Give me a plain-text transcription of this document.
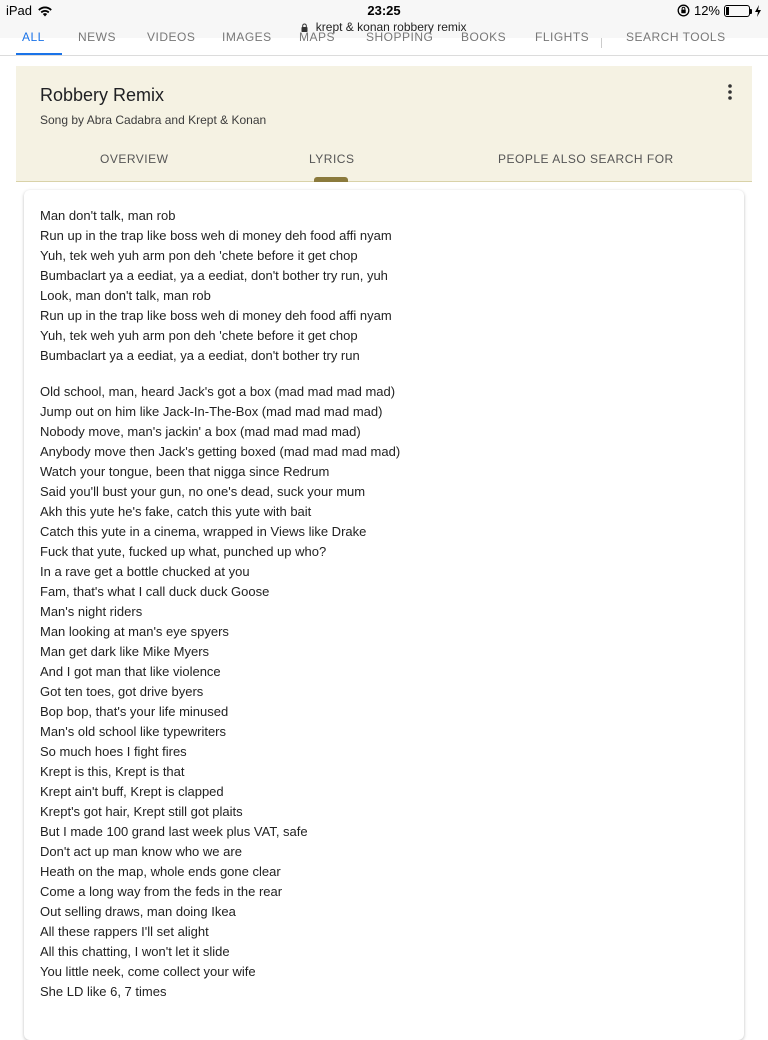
iPad	23:25	12%
krept & konan robbery remix
ALL	NEWS	VIDEOS IMAGES MAPS	SHOPPING BOOKS FLIGHTS	SEARCH TOOLS
Robbery Remix
Song by Abra Cadabra and Krept & Konan
OVERVIEW	LYRICS	PEOPLE ALSO SEARCH FOR
Man don't talk, man rob
Run up in the trap like boss weh di money deh food affi nyam
Yuh, tek weh yuh arm pon deh 'chete before it get chop
Bumbaclart ya a eediat, ya a eediat, don't bother try run, yuh
Look, man don't talk, man rob
Run up in the trap like boss weh di money deh food affi nyam
Yuh, tek weh yuh arm pon deh 'chete before it get chop
Bumbaclart ya a eediat, ya a eediat, don't bother try run
Old school, man, heard Jack's got a box (mad mad mad mad)
Jump out on him like Jack-In-The-Box (mad mad mad mad)
Nobody move, man's jackin' a box (mad mad mad mad)
Anybody move then Jack's getting boxed (mad mad mad mad)
Watch your tongue, been that nigga since Redrum
Said you'll bust your gun, no one's dead, suck your mum
Akh this yute he's fake, catch this yute with bait
Catch this yute in a cinema, wrapped in Views like Drake
Fuck that yute, fucked up what, punched up who?
In a rave get a bottle chucked at you
Fam, that's what I call duck duck Goose
Man's night riders
Man looking at man's eye spyers
Man get dark like Mike Myers
And I got man that like violence
Got ten toes, got drive byers
Bop bop, that's your life minused
Man's old school like typewriters
So much hoes I fight fires
Krept is this, Krept is that
Krept ain't buff, Krept is clapped
Krept's got hair, Krept still got plaits
But I made 100 grand last week plus VAT, safe
Don't act up man know who we are
Heath on the map, whole ends gone clear
Come a long way from the feds in the rear
Out selling draws, man doing Ikea
All these rappers I'll set alight
All this chatting, I won't let it slide
You little neek, come collect your wife
She LD like 6, 7 times
